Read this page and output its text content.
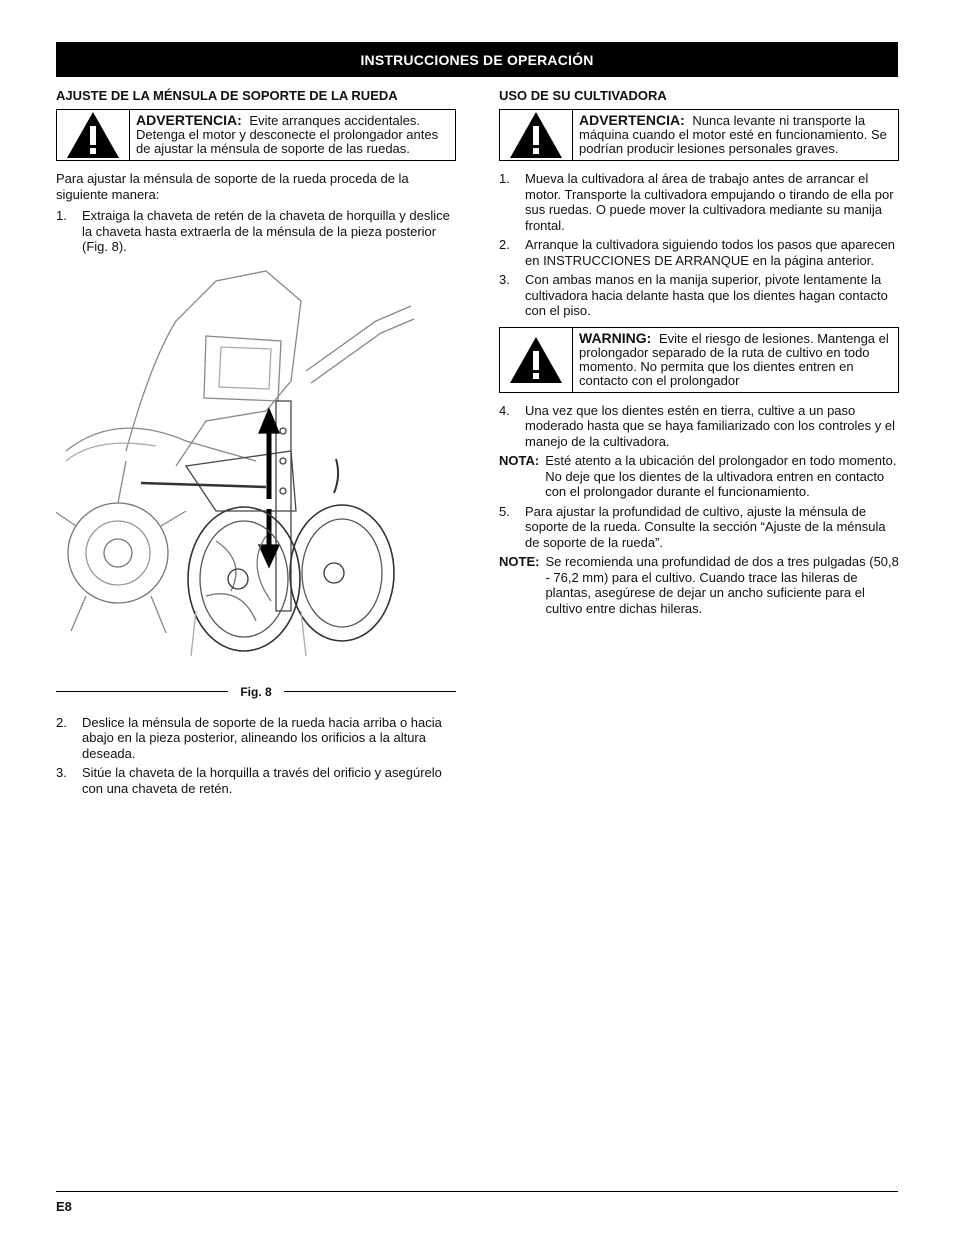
INSTRUCCIONES DE OPERACIÓN
AJUSTE DE LA MÉNSULA DE SOPORTE DE LA RUEDA
ADVERTENCIA: Evite arranques accidentales. Detenga el motor y desconecte el prolongador antes de ajustar la ménsula de soporte de las ruedas.

Para ajustar la ménsula de soporte de la rueda proceda de la siguiente manera:

1.	Extraiga la chaveta de retén de la chaveta de horquilla y deslice la chaveta hasta extraerla de la ménsula de la pieza posterior (Fig. 8).
Fig. 8
2.	Deslice la ménsula de soporte de la rueda hacia arriba o hacia abajo en la pieza posterior, alineando los orificios a la altura deseada.
3.	Sitúe la chaveta de la horquilla a través del orificio y asegúrelo con una chaveta de retén.
USO DE SU CULTIVADORA
ADVERTENCIA: Nunca levante ni transporte la máquina cuando el motor esté en funcionamiento. Se podrían producir lesiones personales graves.
1.	Mueva la cultivadora al área de trabajo antes de arrancar el motor. Transporte la cultivadora empujando o tirando de ella por sus ruedas. O puede mover la cultivadora mediante su manija frontal.
2.	Arranque la cultivadora siguiendo todos los pasos que aparecen en INSTRUCCIONES DE ARRANQUE en la página anterior.
3.	Con ambas manos en la manija superior, pivote lentamente la cultivadora hacia delante hasta que los dientes hagan contacto con el piso.
WARNING: Evite el riesgo de lesiones. Mantenga el prolongador separado de la ruta de cultivo en todo momento. No permita que los dientes entren en contacto con el prolongador
4.	Una vez que los dientes estén en tierra, cultive a un paso moderado hasta que se haya familiarizado con los controles y el manejo de la cultivadora.
NOTA: Esté atento a la ubicación del prolongador en todo momento. No deje que los dientes de la ultivadora entren en contacto con el prolongador durante el funcionamiento.
5.	Para ajustar la profundidad de cultivo, ajuste la ménsula de soporte de la rueda. Consulte la sección “Ajuste de la ménsula de soporte de la rueda”.
NOTE: Se recomienda una profundidad de dos a tres pulgadas (50,8 - 76,2 mm) para el cultivo. Cuando trace las hileras de plantas, asegúrese de dejar un ancho suficiente para el cultivo entre dichas hileras.
E8
